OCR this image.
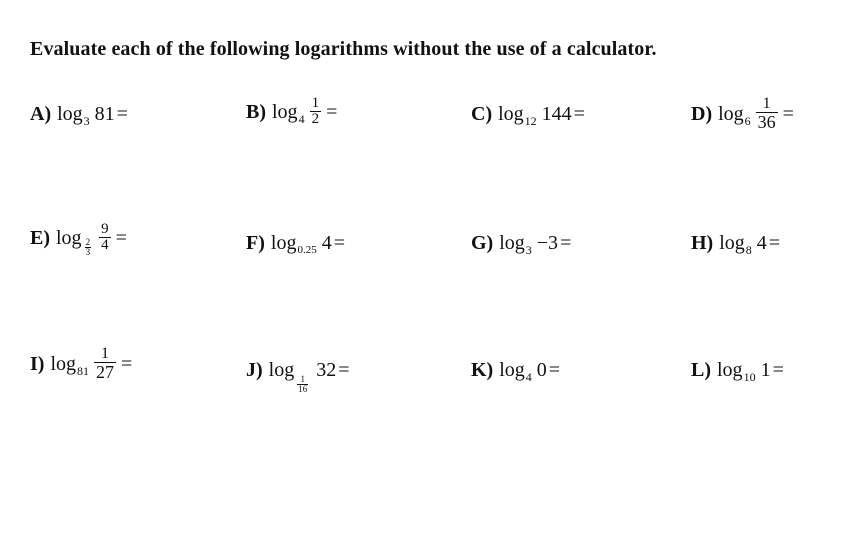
Evaluate each of the following logarithms without the use of a calculator.
A) log 3 81 =	B) $\log 4 \frac{1}{2}$ =	C) log 12 144 =	D) $\log 6 \frac{1}{36}$ =
E) $\log \frac{2}{3} \frac{9}{4}$ =	F) log 0.25 4 =	G) log 3 −3 =	H) log 8 4 =
I) $\log 81 \frac{1}{27}$ =	J) log
$\frac{1}{16}$
32 =	K) log 4 0 =	L) log 10 1 =
